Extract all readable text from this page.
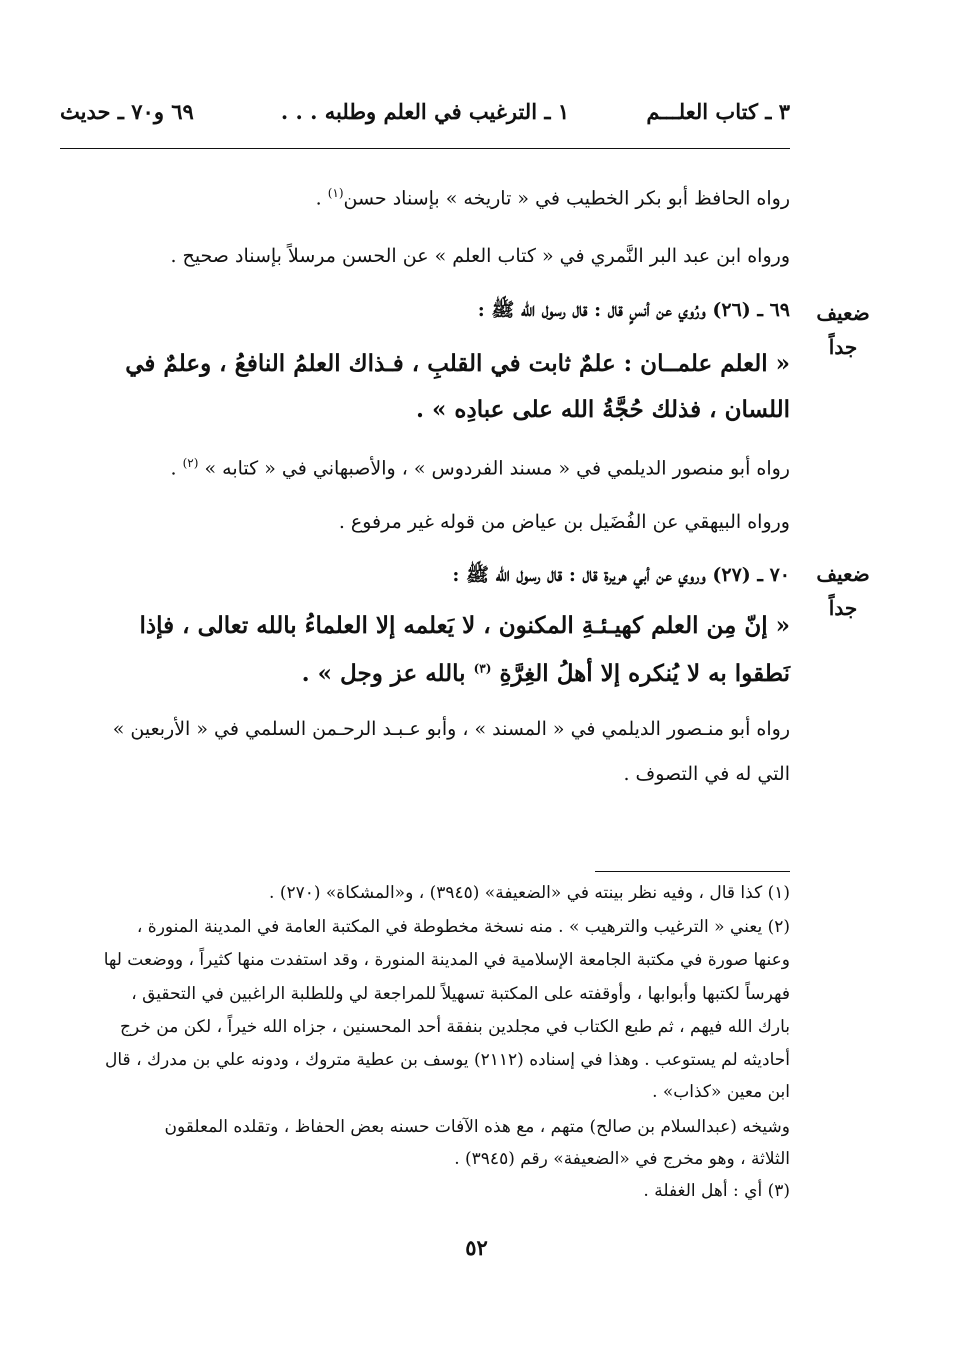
٣ ـ كتاب العلـــم
١ ـ الترغيب في العلم وطلبه . . .
٦٩ و٧٠ ـ حديث
رواه الحافظ أبو بكر الخطيب في « تاريخه » بإسناد حسن$^{(١)}$ .
ورواه ابن عبد البر النَّمري في « كتاب العلم » عن الحسن مرسلاً بإسناد صحيح .
ضعيف
جداً
٦٩ ـ (٢٦) ورُوي عن أنسٍ قال : قال رسول الله ﷺ :
« العلم علمــان : علمٌ ثابت في القلبِ ، فـذاك العلمُ النافعُ ، وعلمٌ في
اللسان ، فذلك حُجَّةُ الله على عبادِه » .
رواه أبو منصور الديلمي في « مسند الفردوس » ، والأصبهاني في « كتابه » $^{(٢)}$ .
ورواه البيهقي عن الفُضَيل بن عياض من قوله غير مرفوع .
ضعيف
جداً
٧٠ ـ (٢٧) وروي عن أبي هريرة قال : قال رسول الله ﷺ :
« إنّ مِن العلم كهيـئـةِ المكنون ، لا يَعلمه إلا العلماءُ بالله تعالى ، فإذا
نَطقوا به لا يُنكره إلا أهلُ الغِرَّةِ $^{(٣)}$ بالله عز وجل » .
رواه أبو منـصور الديلمي في « المسند » ، وأبو عـبـد الرحـمن السلمي في « الأربعين »
التي له في التصوف .
(١) كذا قال ، وفيه نظر بينته في «الضعيفة» (٣٩٤٥) ، و«المشكاة» (٢٧٠) .
(٢) يعني « الترغيب والترهيب » . منه نسخة مخطوطة في المكتبة العامة في المدينة المنورة ،
وعنها صورة في مكتبة الجامعة الإسلامية في المدينة المنورة ، وقد استفدت منها كثيراً ، ووضعت لها
فهرساً لكتبها وأبوابها ، وأوقفته على المكتبة تسهيلاً للمراجعة لي وللطلبة الراغبين في التحقيق ،
بارك الله فيهم ، ثم طبع الكتاب في مجلدين بنفقة أحد المحسنين ، جزاه الله خيراً ، لكن من خرج
أحاديثه لم يستوعب . وهذا في إسناده (٢١١٢) يوسف بن عطية متروك ، ودونه علي بن مدرك ، قال
ابن معين «كذاب» .
وشيخه (عبدالسلام بن صالح) متهم ، مع هذه الآفات حسنه بعض الحفاظ ، وتقلده المعلقون
الثلاثة ، وهو مخرج في «الضعيفة» رقم (٣٩٤٥) .
(٣) أي : أهل الغفلة .
٥٢
